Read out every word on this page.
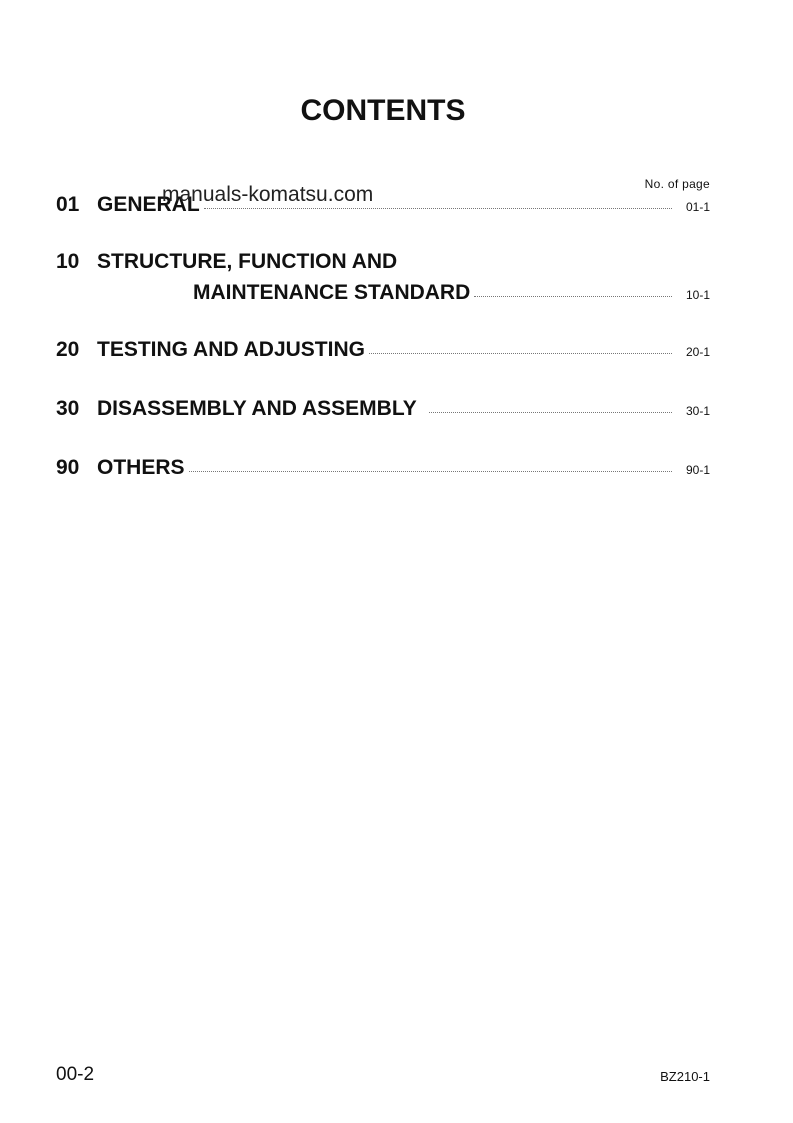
CONTENTS
No. of page
01 GENERAL	01-1
manuals-komatsu.com
10 STRUCTURE, FUNCTION AND
MAINTENANCE STANDARD	10-1
20 TESTING AND ADJUSTING	20-1
30 DISASSEMBLY AND ASSEMBLY	30-1
90 OTHERS	90-1
00-2	BZ210-1
